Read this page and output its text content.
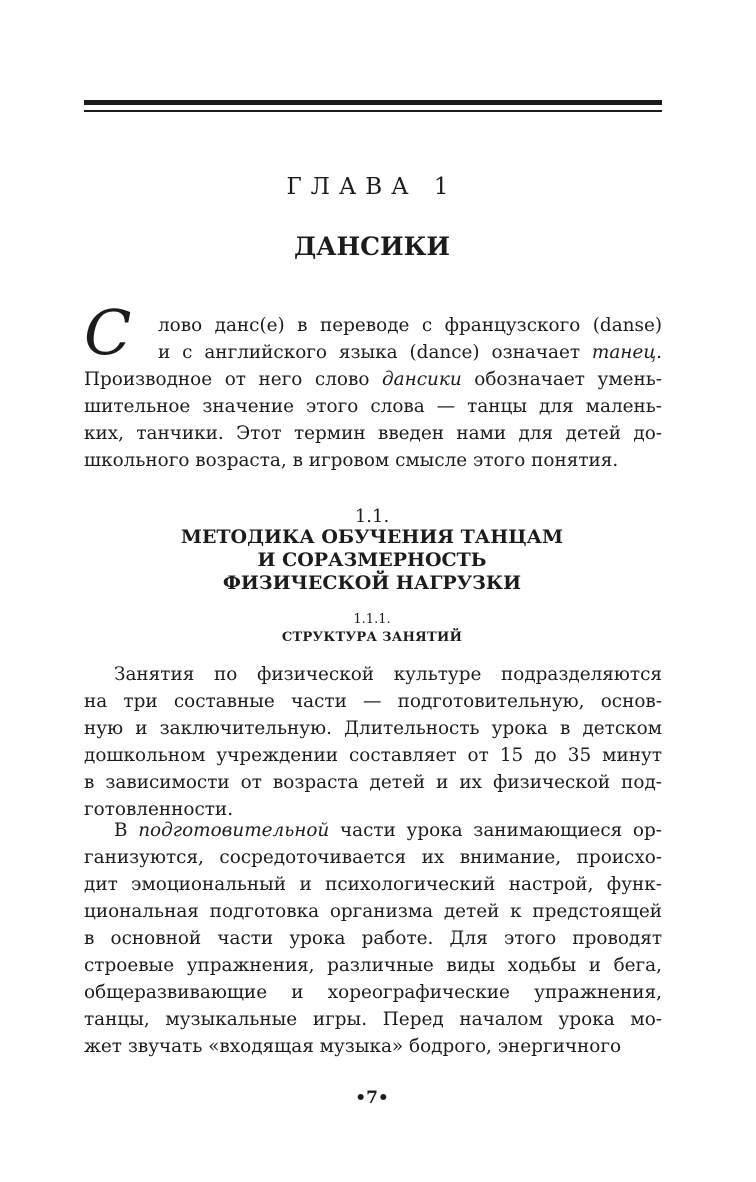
ГЛАВА 1
ДАНСИКИ
С	лово данс(е) в переводе с французского (danse)
и с английского языка (dance) означает танец.
Производное от него слово дансики обозначает умень-
шительное значение этого слова — танцы для малень-
ких, танчики. Этот термин введен нами для детей до-
школьного возраста, в игровом смысле этого понятия.
1.1.
МЕТОДИКА ОБУЧЕНИЯ ТАНЦАМ
И СОРАЗМЕРНОСТЬ
ФИЗИЧЕСКОЙ НАГРУЗКИ
1.1.1.
СТРУКТУРА ЗАНЯТИЙ
Занятия по физической культуре подразделяются
на три составные части — подготовительную, основ-
ную и заключительную. Длительность урока в детском
дошкольном учреждении составляет от 15 до 35 минут
в зависимости от возраста детей и их физической под-
готовленности.
В подготовительной части урока занимающиеся ор-
ганизуются, сосредоточивается их внимание, происхо-
дит эмоциональный и психологический настрой, функ-
циональная подготовка организма детей к предстоящей
в основной части урока работе. Для этого проводят
строевые упражнения, различные виды ходьбы и бега,
общеразвивающие и хореографические упражнения,
танцы, музыкальные игры. Перед началом урока мо-
жет звучать «входящая музыка» бодрого, энергичного
•7•
